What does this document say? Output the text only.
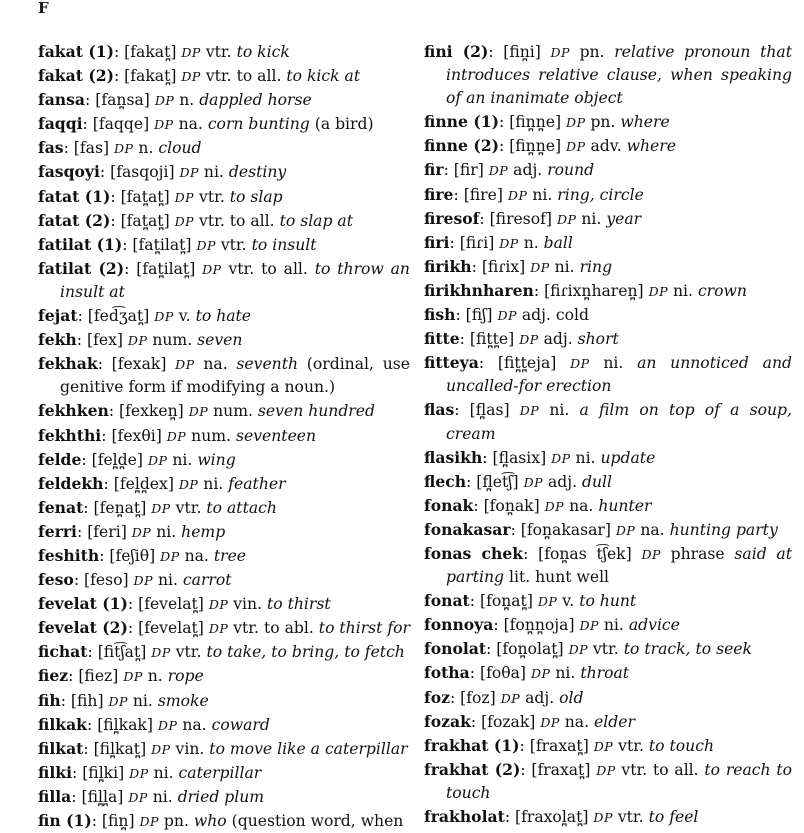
F

fakat (1): [fakat̪] DP vtr. to kick

fakat (2): [fakat̪] DP vtr. to all. to kick at

fansa: [fan̪sa] DP n. dappled horse

faqqi: [faqqe] DP na. corn bunting (a bird)

fas: [fas] DP n. cloud

fasqoyi: [fasqoji] DP ni. destiny

fatat (1): [fat̪at̪] DP vtr. to slap

fatat (2): [fat̪at̪] DP vtr. to all. to slap at

fatilat (1): [fat̪ilat̪] DP vtr. to insult

fatilat (2): [fat̪ilat̪] DP vtr. to all. to throw an insult at

fejat: [fed͡ʒat̪] DP v. to hate

fekh: [fex] DP num. seven

fekhak: [fexak] DP na. seventh (ordinal, use genitive form if modifying a noun.)

fekhken: [fexken̪] DP num. seven hundred

fekhthi: [fexθi] DP num. seventeen

felde: [fel̪d̪e] DP ni. wing

feldekh: [fel̪d̪ex] DP ni. feather

fenat: [fen̪at̪] DP vtr. to attach

ferri: [feri] DP ni. hemp

feshith: [feʃiθ] DP na. tree

feso: [feso] DP ni. carrot

fevelat (1): [fevelat̪] DP vin. to thirst

fevelat (2): [fevelat̪] DP vtr. to abl. to thirst for

fichat: [fit͡ʃat̪] DP vtr. to take, to bring, to fetch

fiez: [fiez] DP n. rope

fih: [fih] DP ni. smoke

filkak: [fil̪kak] DP na. coward

filkat: [fil̪kat̪] DP vin. to move like a caterpillar

filki: [fil̪ki] DP ni. caterpillar

filla: [fil̪l̪a] DP ni. dried plum

fin (1): [fin̪] DP pn. who (question word, when

fini (2): [fin̪i] DP pn. relative pronoun that introduces relative clause, when speaking of an inanimate object

finne (1): [fin̪n̪e] DP pn. where

finne (2): [fin̪n̪e] DP adv. where

fir: [fir] DP adj. round

fire: [fire] DP ni. ring, circle

firesof: [firesof] DP ni. year

firi: [fiɾi] DP n. ball

firikh: [fiɾix] DP ni. ring

firikhnharen: [fiɾixn̪haren̪] DP ni. crown

fish: [fiʃ] DP adj. cold

fitte: [fit̪t̪e] DP adj. short

fitteya: [fit̪t̪eja] DP ni. an unnoticed and uncalled-for erection

flas: [fl̪as] DP ni. a film on top of a soup, cream

flasikh: [fl̪asix] DP ni. update

flech: [fl̪et͡ʃ] DP adj. dull

fonak: [fon̪ak] DP na. hunter

fonakasar: [fon̪akasar] DP na. hunting party

fonas chek: [fon̪as t͡ʃek] DP phrase said at parting lit. hunt well

fonat: [fon̪at̪] DP v. to hunt

fonnoya: [fon̪n̪oja] DP ni. advice

fonolat: [fon̪olat̪] DP vtr. to track, to seek

fotha: [foθa] DP ni. throat

foz: [foz] DP adj. old

fozak: [fozak] DP na. elder

frakhat (1): [fraxat̪] DP vtr. to touch

frakhat (2): [fraxat̪] DP vtr. to all. to reach to touch

frakholat: [fraxol̪at̪] DP vtr. to feel
